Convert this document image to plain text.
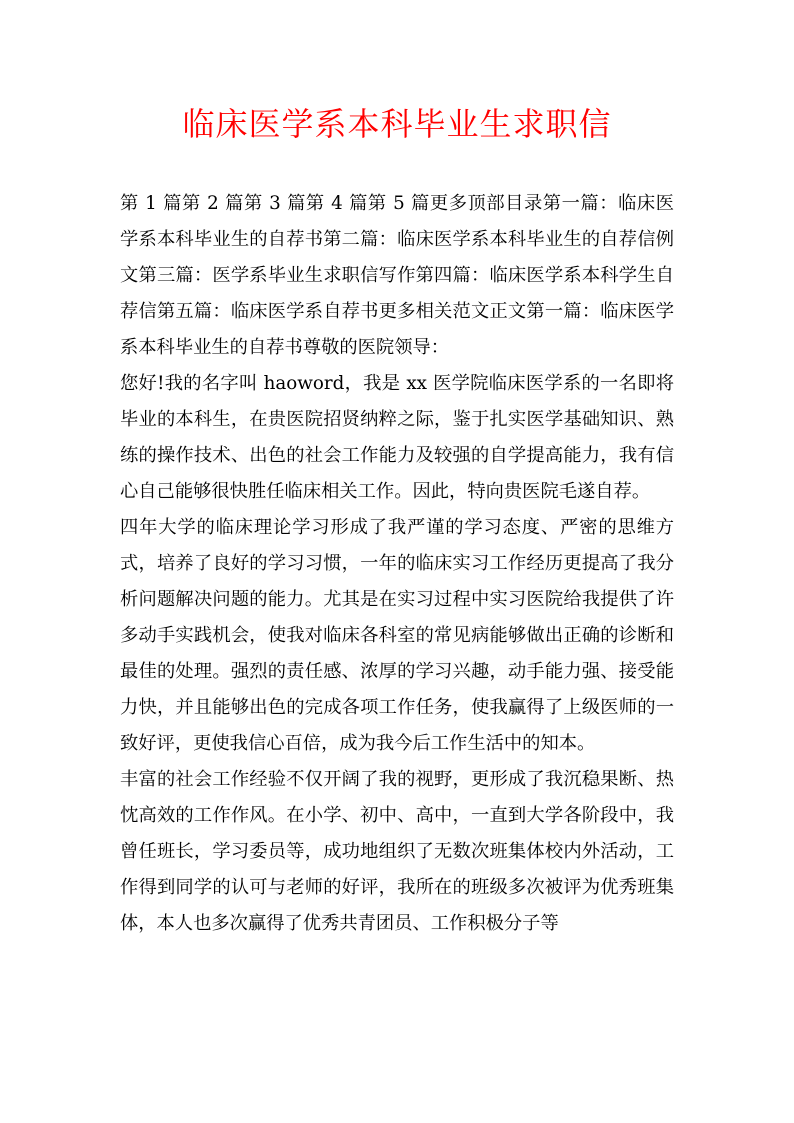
临床医学系本科毕业生求职信

第 1 篇第 2 篇第 3 篇第 4 篇第 5 篇更多顶部目录第一篇：临床医学系本科毕业生的自荐书第二篇：临床医学系本科毕业生的自荐信例文第三篇：医学系毕业生求职信写作第四篇：临床医学系本科学生自荐信第五篇：临床医学系自荐书更多相关范文正文第一篇：临床医学系本科毕业生的自荐书尊敬的医院领导：

您好!我的名字叫 haoword，我是 xx 医学院临床医学系的一名即将毕业的本科生，在贵医院招贤纳粹之际，鉴于扎实医学基础知识、熟练的操作技术、出色的社会工作能力及较强的自学提高能力，我有信心自己能够很快胜任临床相关工作。因此，特向贵医院毛遂自荐。

四年大学的临床理论学习形成了我严谨的学习态度、严密的思维方式，培养了良好的学习习惯，一年的临床实习工作经历更提高了我分析问题解决问题的能力。尤其是在实习过程中实习医院给我提供了许多动手实践机会，使我对临床各科室的常见病能够做出正确的诊断和最佳的处理。强烈的责任感、浓厚的学习兴趣，动手能力强、接受能力快，并且能够出色的完成各项工作任务，使我赢得了上级医师的一致好评，更使我信心百倍，成为我今后工作生活中的知本。

丰富的社会工作经验不仅开阔了我的视野，更形成了我沉稳果断、热忱高效的工作作风。在小学、初中、高中，一直到大学各阶段中，我曾任班长，学习委员等，成功地组织了无数次班集体校内外活动，工作得到同学的认可与老师的好评，我所在的班级多次被评为优秀班集体，本人也多次赢得了优秀共青团员、工作积极分子等
